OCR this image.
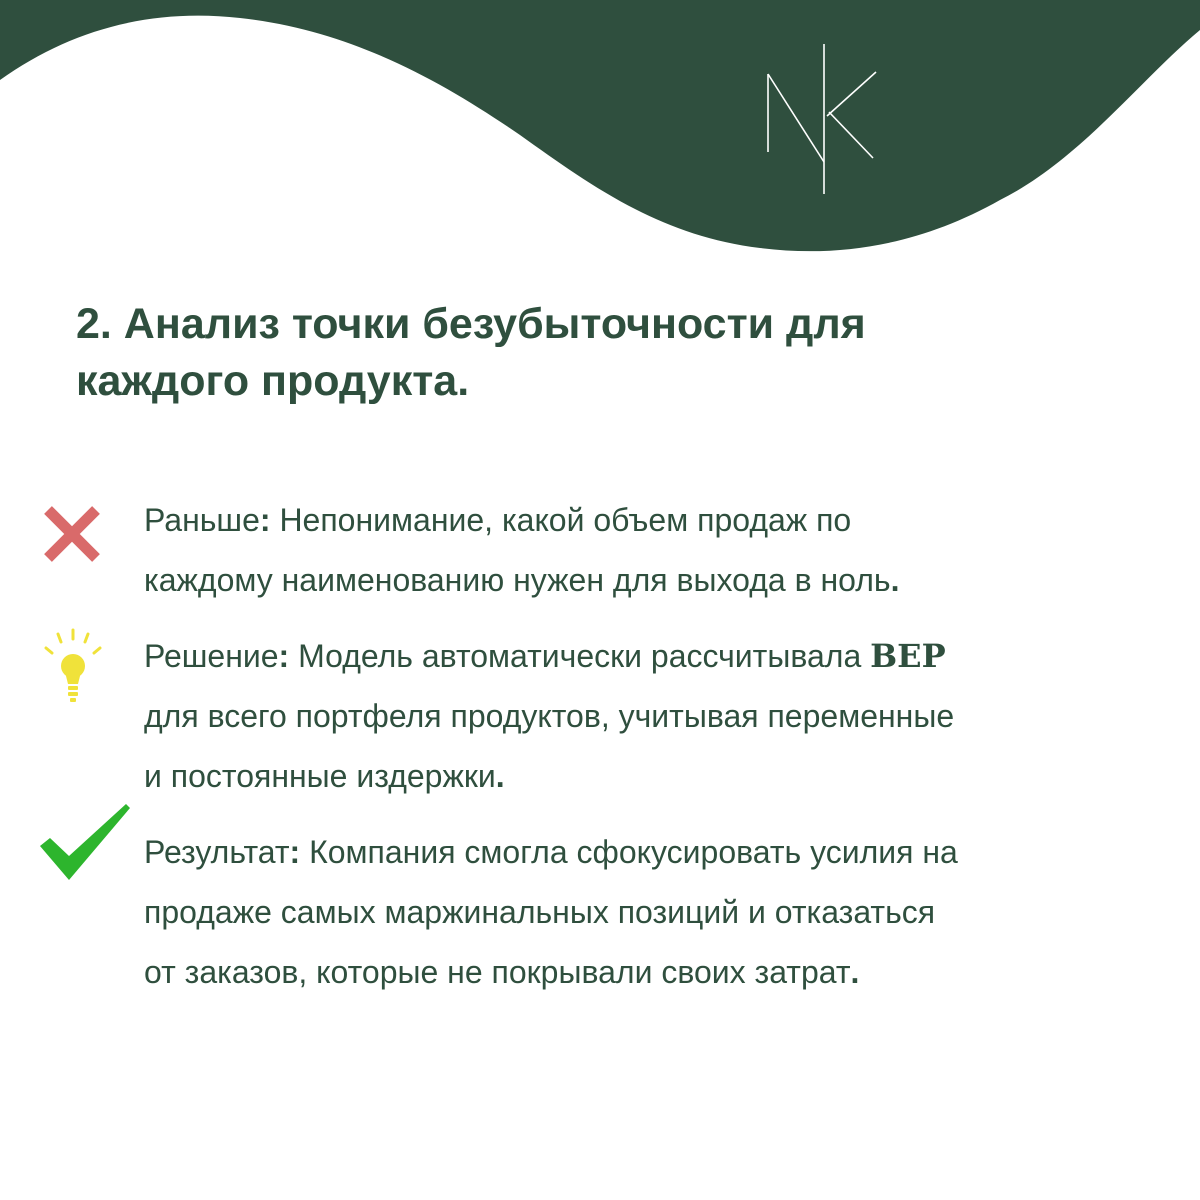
2. Анализ точки безубыточности для
каждого продукта.

Раньше: Непонимание, какой объем продаж по
каждому наименованию нужен для выхода в ноль.

Решение: Модель автоматически рассчитывала BEP
для всего портфеля продуктов, учитывая переменные
и постоянные издержки.

Результат: Компания смогла сфокусировать усилия на
продаже самых маржинальных позиций и отказаться
от заказов, которые не покрывали своих затрат.
